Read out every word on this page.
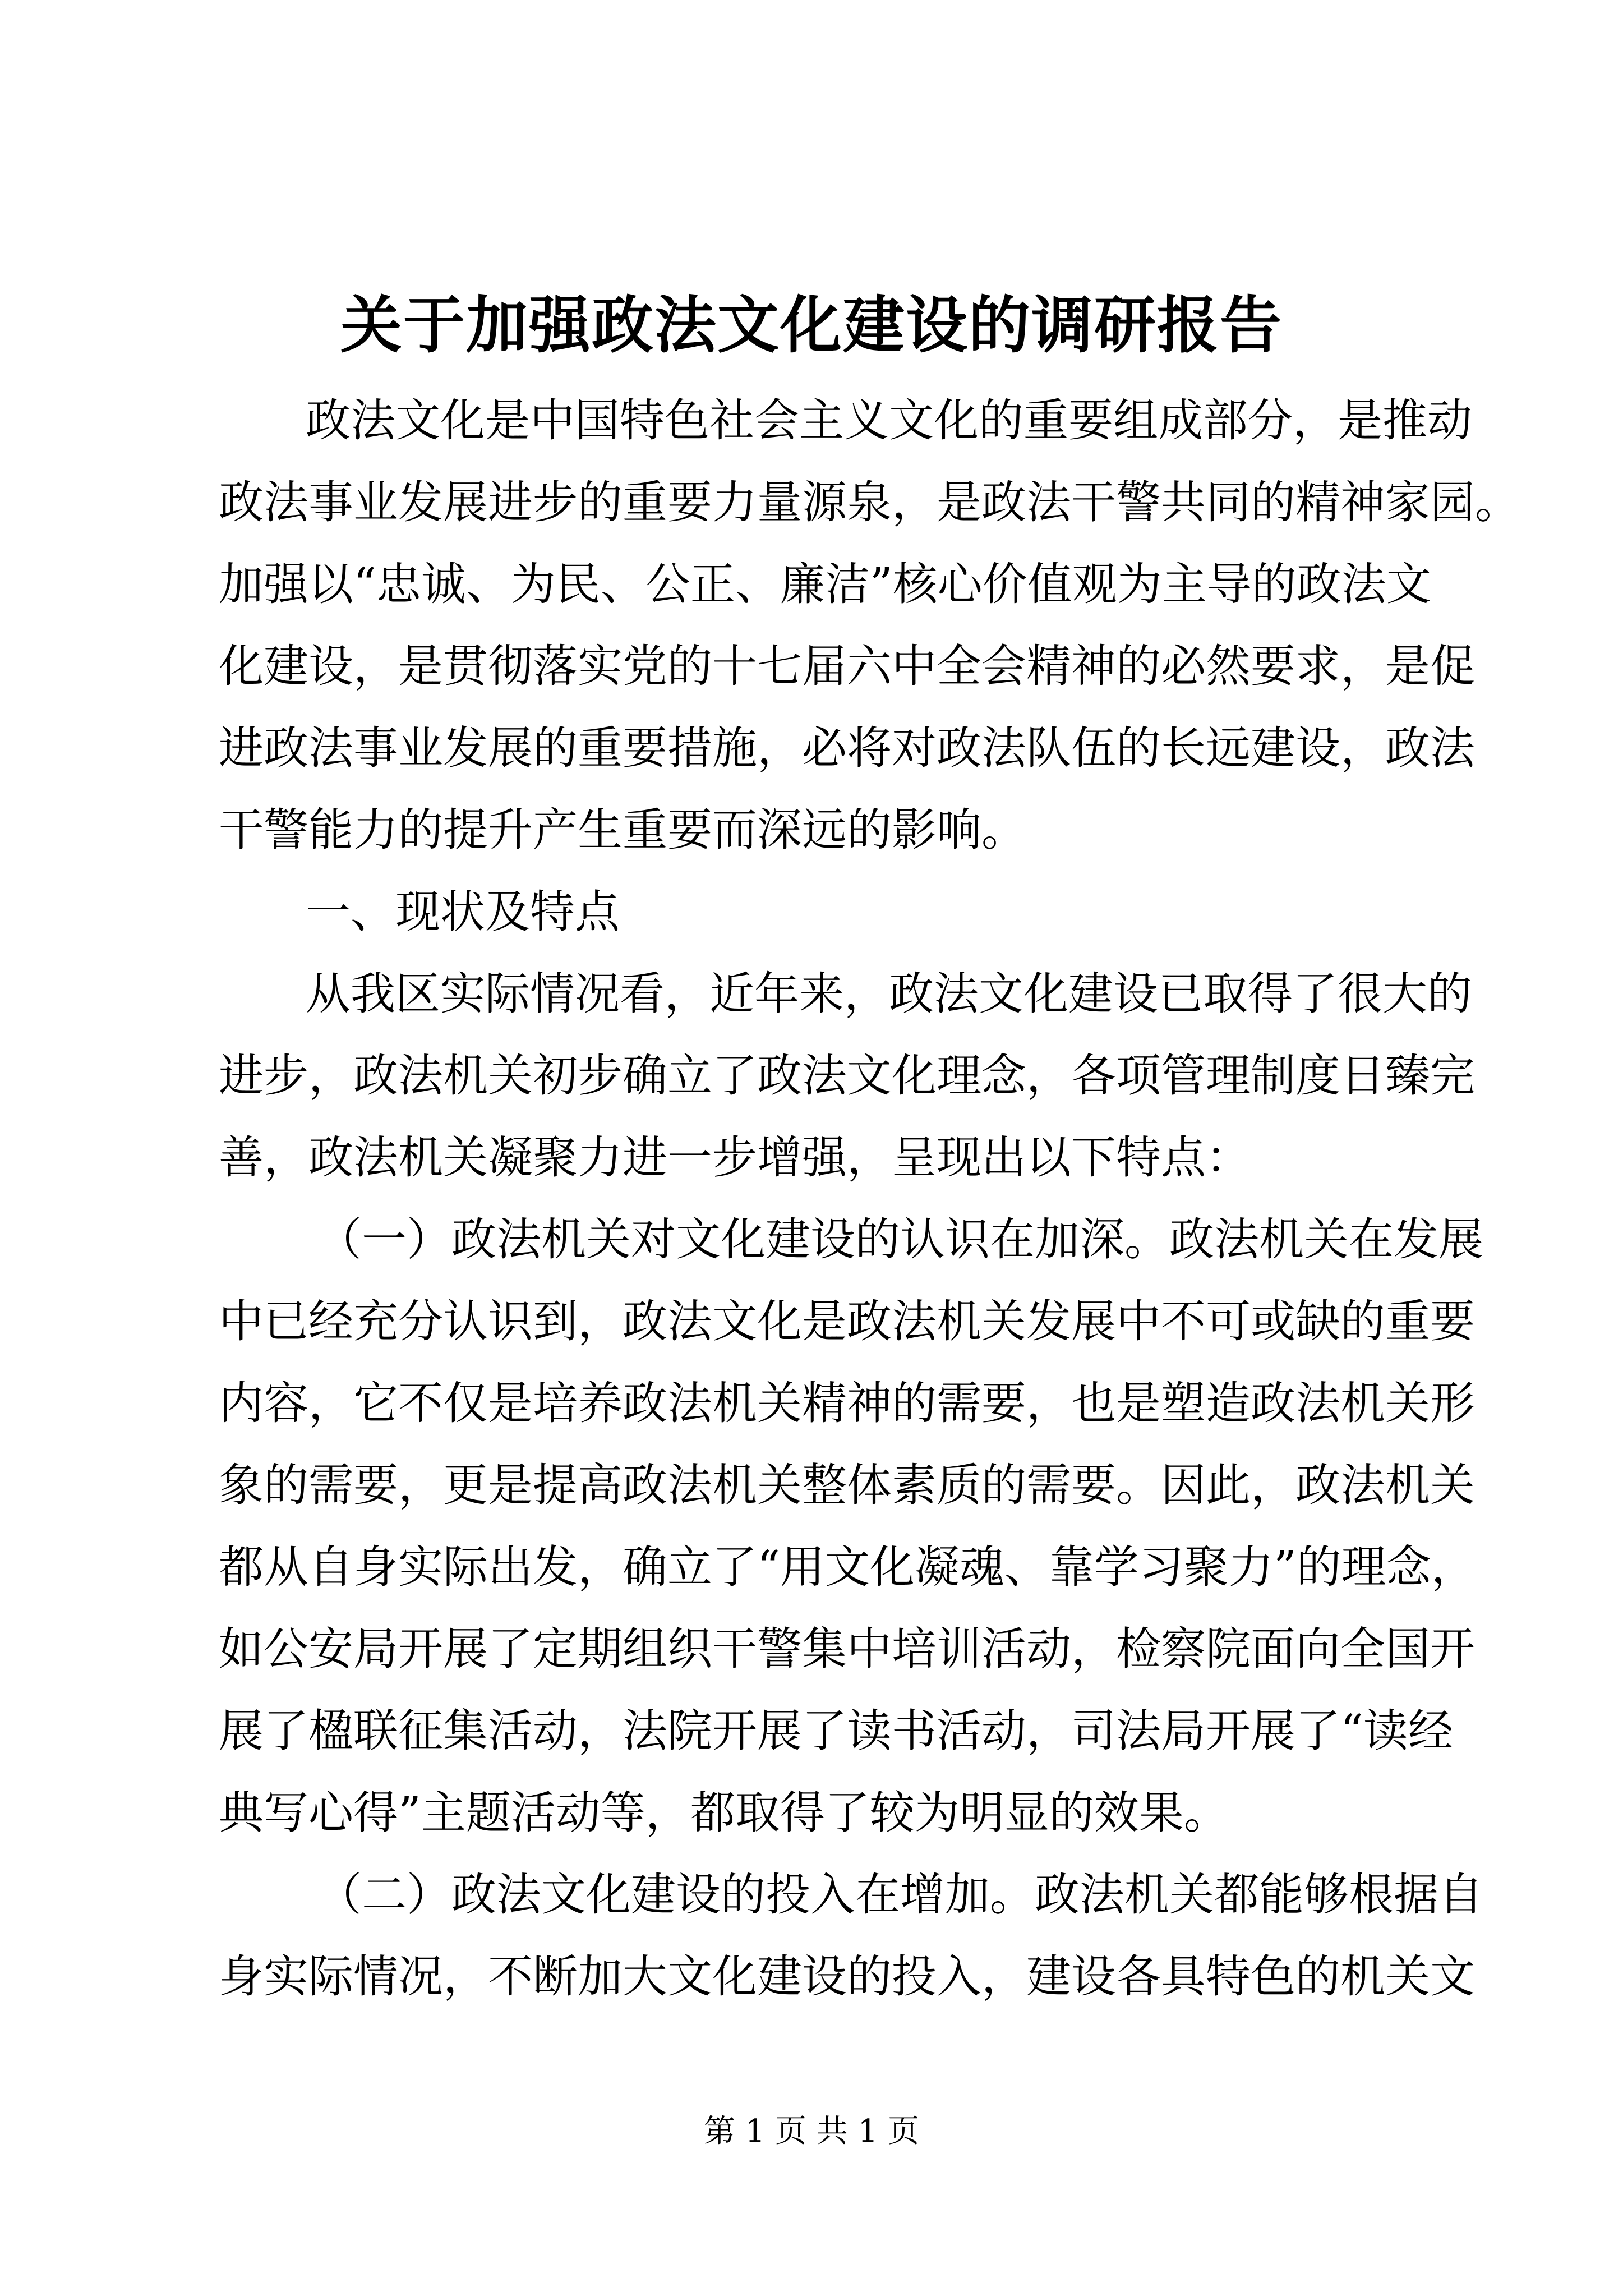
关于加强政法文化建设的调研报告
政法文化是中国特色社会主义文化的重要组成部分，是推动
政法事业发展进步的重要力量源泉，是政法干警共同的精神家园。
加强以“忠诚、为民、公正、廉洁”核心价值观为主导的政法文
化建设，是贯彻落实党的十七届六中全会精神的必然要求，是促
进政法事业发展的重要措施，必将对政法队伍的长远建设，政法
干警能力的提升产生重要而深远的影响。
一、现状及特点
从我区实际情况看，近年来，政法文化建设已取得了很大的
进步，政法机关初步确立了政法文化理念，各项管理制度日臻完
善，政法机关凝聚力进一步增强，呈现出以下特点：
（一）政法机关对文化建设的认识在加深。政法机关在发展
中已经充分认识到，政法文化是政法机关发展中不可或缺的重要
内容，它不仅是培养政法机关精神的需要，也是塑造政法机关形
象的需要，更是提高政法机关整体素质的需要。因此，政法机关
都从自身实际出发，确立了“用文化凝魂、靠学习聚力”的理念，
如公安局开展了定期组织干警集中培训活动，检察院面向全国开
展了楹联征集活动，法院开展了读书活动，司法局开展了“读经
典写心得”主题活动等，都取得了较为明显的效果。
（二）政法文化建设的投入在增加。政法机关都能够根据自
身实际情况，不断加大文化建设的投入，建设各具特色的机关文
第 1 页 共 1 页
